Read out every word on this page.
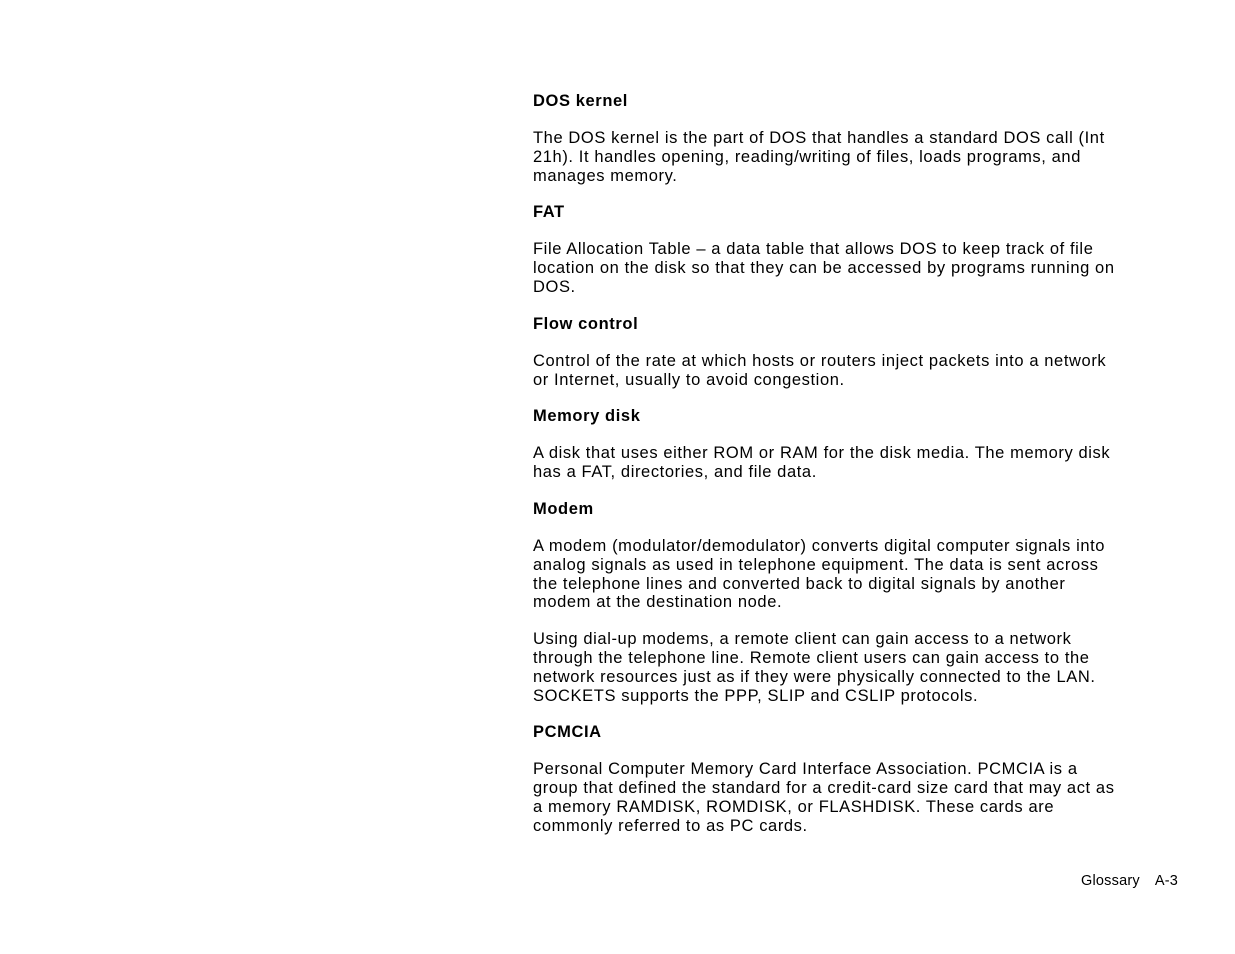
DOS kernel
The DOS kernel is the part of DOS that handles a standard DOS call (Int
21h). It handles opening, reading/writing of files, loads programs, and
manages memory.
FAT
File Allocation Table – a data table that allows DOS to keep track of file
location on the disk so that they can be accessed by programs running on
DOS.
Flow control
Control of the rate at which hosts or routers inject packets into a network
or Internet, usually to avoid congestion.
Memory disk
A disk that uses either ROM or RAM for the disk media. The memory disk
has a FAT, directories, and file data.
Modem
A modem (modulator/demodulator) converts digital computer signals into
analog signals as used in telephone equipment. The data is sent across
the telephone lines and converted back to digital signals by another
modem at the destination node.
Using dial-up modems, a remote client can gain access to a network
through the telephone line. Remote client users can gain access to the
network resources just as if they were physically connected to the LAN.
SOCKETS supports the PPP, SLIP and CSLIP protocols.
PCMCIA
Personal Computer Memory Card Interface Association. PCMCIA is a
group that defined the standard for a credit-card size card that may act as
a memory RAMDISK, ROMDISK, or FLASHDISK. These cards are
commonly referred to as PC cards.
Glossary A-3
